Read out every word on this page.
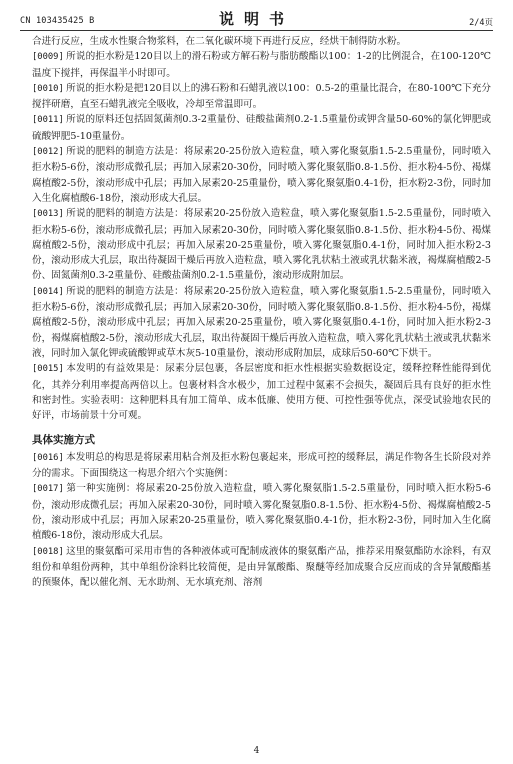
CN 103435425 B	说明书	2/4页

合进行反应，生成水性聚合物浆料，在二氧化碳环境下再进行反应，经烘干制得防水粉。

[ 0009 ] 所说的拒水粉是120目以上的滑石粉或方解石粉与脂肪酸酯以100：1-2的比例混合，在100-120℃温度下搅拌，再保温半小时即可。

[ 0010 ] 所说的拒水粉是把120目以上的沸石粉和石蜡乳液以100：0.5-2的重量比混合，在80-100℃下充分搅拌研磨，直至石蜡乳液完全吸收，冷却至常温即可。

[ 0011 ] 所说的原料还包括固氮菌剂0.3-2重量份、硅酸盐菌剂0.2-1.5重量份或钾含量50-60%的氯化钾肥或硫酸钾肥5-10重量份。

[ 0012 ] 所说的肥料的制造方法是：将尿素20-25份放入造粒盘，喷入雾化聚氨脂1.5-2.5重量份，同时喷入拒水粉5-6份，滚动形成微孔层；再加入尿素20-30份，同时喷入雾化聚氨脂0.8-1.5份、拒水粉4-5份、褐煤腐植酸2-5份，滚动形成中孔层；再加入尿素20-25重量份，喷入雾化聚氨脂0.4-1份，拒水粉2-3份，同时加入生化腐植酸6-18份，滚动形成大孔层。

[ 0013 ] 所说的肥料的制造方法是：将尿素20-25份放入造粒盘，喷入雾化聚氨脂1.5-2.5重量份，同时喷入拒水粉5-6份，滚动形成微孔层；再加入尿素20-30份，同时喷入雾化聚氨脂0.8-1.5份、拒水粉4-5份、褐煤腐植酸2-5份，滚动形成中孔层；再加入尿素20-25重量份，喷入雾化聚氨脂0.4-1份，同时加入拒水粉2-3份，滚动形成大孔层，取出待凝固干燥后再放入造粒盘，喷入雾化乳状粘土液或乳状黏米液，褐煤腐植酸2-5份、固氮菌剂0.3-2重量份、硅酸盐菌剂0.2-1.5重量份，滚动形成附加层。

[ 0014 ] 所说的肥料的制造方法是：将尿素20-25份放入造粒盘，喷入雾化聚氨脂1.5-2.5重量份，同时喷入拒水粉5-6份，滚动形成微孔层；再加入尿素20-30份，同时喷入雾化聚氨脂0.8-1.5份、拒水粉4-5份，褐煤腐植酸2-5份，滚动形成中孔层；再加入尿素20-25重量份，喷入雾化聚氨脂0.4-1份，同时加入拒水粉2-3份，褐煤腐植酸2-5份，滚动形成大孔层，取出待凝固干燥后再放入造粒盘，喷入雾化乳状粘土液或乳状黏米液，同时加入氯化钾或硫酸钾或草木灰5-10重量份，滚动形成附加层，成球后50-60℃下烘干。

[ 0015 ] 本发明的有益效果是：尿素分层包裹，各层密度和拒水性根据实验数据设定，缓释控释性能得到优化，其养分利用率提高两倍以上。包裹材料含水极少，加工过程中氮素不会损失，凝固后具有良好的拒水性和密封性。实验表明：这种肥料具有加工简单、成本低廉、使用方便、可控性强等优点，深受试验地农民的好评，市场前景十分可观。

具体实施方式

[ 0016 ] 本发明总的构思是将尿素用粘合剂及拒水粉包裹起来，形成可控的缓释层，满足作物各生长阶段对养分的需求。下面围绕这一构思介绍六个实施例：

[ 0017 ] 第一种实施例：将尿素20-25份放入造粒盘，喷入雾化聚氨脂1.5-2.5重量份，同时喷入拒水粉5-6份，滚动形成微孔层；再加入尿素20-30份，同时喷入雾化聚氨脂0.8-1.5份、拒水粉4-5份、褐煤腐植酸2-5份，滚动形成中孔层；再加入尿素20-25重量份，喷入雾化聚氨脂0.4-1份，拒水粉2-3份，同时加入生化腐植酸6-18份，滚动形成大孔层。

[ 0018 ] 这里的聚氨酯可采用市售的各种液体或可配制成液体的聚氨酯产品，推荐采用聚氨酯防水涂料，有双组份和单组份两种，其中单组份涂料比较简便，是由异氰酸酯、聚醚等经加成聚合反应而成的含异氰酸酯基的预聚体，配以催化剂、无水助剂、无水填充剂、溶剂

4
